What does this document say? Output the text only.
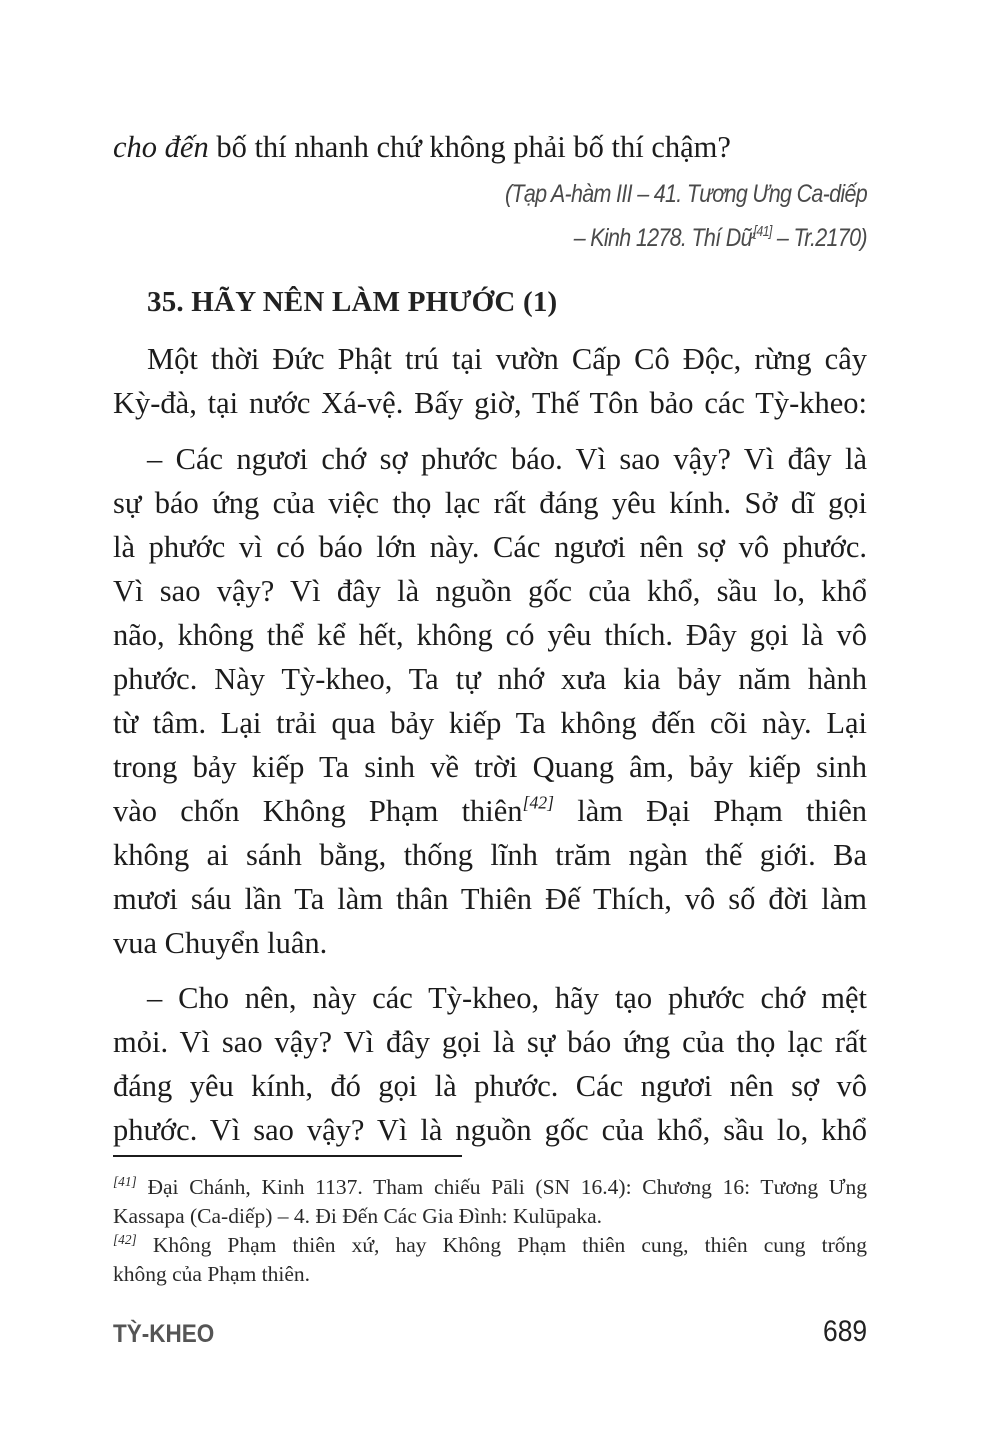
cho đến bố thí nhanh chứ không phải bố thí chậm?
(Tạp A-hàm III – 41. Tương Ưng Ca-diếp
– Kinh 1278. Thí Dữ[41] – Tr.2170)
35. HÃY NÊN LÀM PHƯỚC (1)
Một thời Đức Phật trú tại vườn Cấp Cô Độc, rừng cây
Kỳ-đà, tại nước Xá-vệ. Bấy giờ, Thế Tôn bảo các Tỳ-kheo:
– Các ngươi chớ sợ phước báo. Vì sao vậy? Vì đây là
sự báo ứng của việc thọ lạc rất đáng yêu kính. Sở dĩ gọi
là phước vì có báo lớn này. Các ngươi nên sợ vô phước.
Vì sao vậy? Vì đây là nguồn gốc của khổ, sầu lo, khổ
não, không thể kể hết, không có yêu thích. Đây gọi là vô
phước. Này Tỳ-kheo, Ta tự nhớ xưa kia bảy năm hành
từ tâm. Lại trải qua bảy kiếp Ta không đến cõi này. Lại
trong bảy kiếp Ta sinh về trời Quang âm, bảy kiếp sinh
vào chốn Không Phạm thiên[42] làm Đại Phạm thiên
không ai sánh bằng, thống lĩnh trăm ngàn thế giới. Ba
mươi sáu lần Ta làm thân Thiên Đế Thích, vô số đời làm
vua Chuyển luân.
– Cho nên, này các Tỳ-kheo, hãy tạo phước chớ mệt
mỏi. Vì sao vậy? Vì đây gọi là sự báo ứng của thọ lạc rất
đáng yêu kính, đó gọi là phước. Các ngươi nên sợ vô
phước. Vì sao vậy? Vì là nguồn gốc của khổ, sầu lo, khổ
[41] Đại Chánh, Kinh 1137. Tham chiếu Pāli (SN 16.4): Chương 16: Tương Ưng
Kassapa (Ca-diếp) – 4. Đi Đến Các Gia Đình: Kulūpaka.
[42] Không Phạm thiên xứ, hay Không Phạm thiên cung, thiên cung trống
không của Phạm thiên.
TỲ-KHEO	689
